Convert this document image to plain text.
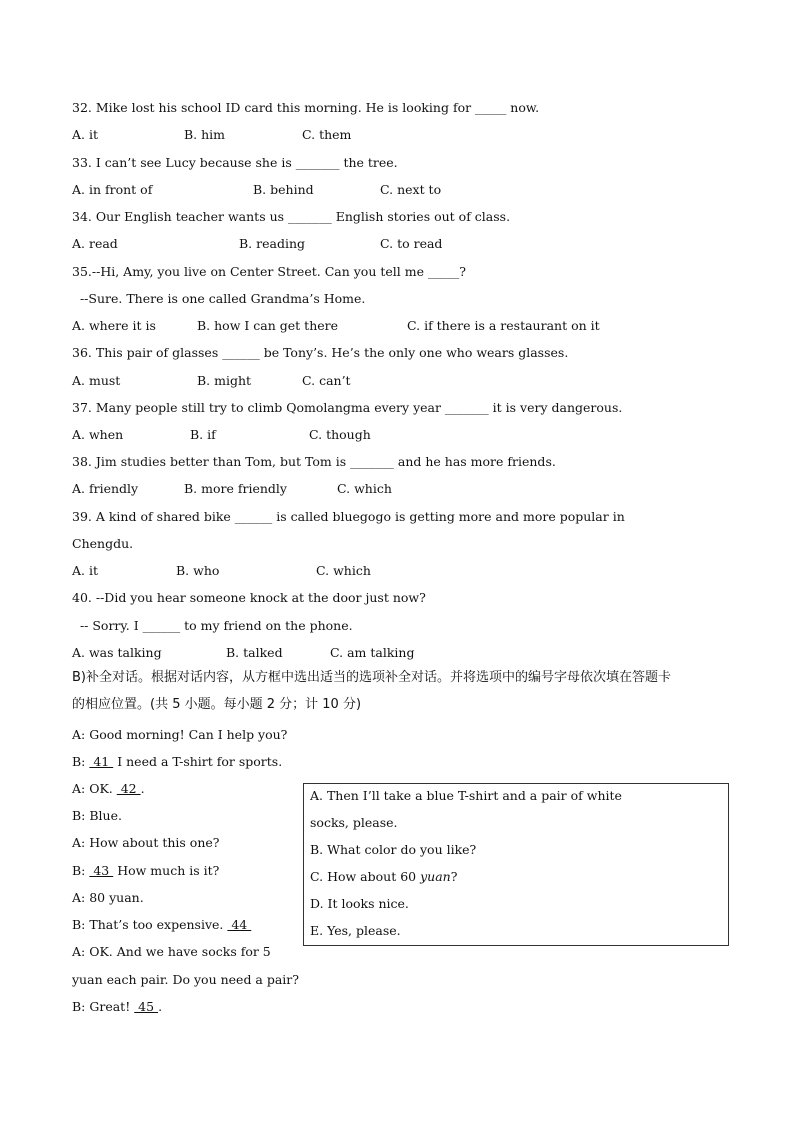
32. Mike lost his school ID card this morning. He is looking for _____ now.
A. it	B. him	C. them
33. I can’t see Lucy because she is _______ the tree.
A. in front of	B. behind	C. next to
34. Our English teacher wants us _______ English stories out of class.
A. read	B. reading	C. to read
35.--Hi, Amy, you live on Center Street. Can you tell me _____?
--Sure. There is one called Grandma’s Home.
A. where it is	B. how I can get there	C. if there is a restaurant on it
36. This pair of glasses ______ be Tony’s. He’s the only one who wears glasses.
A. must	B. might	C. can’t
37. Many people still try to climb Qomolangma every year _______ it is very dangerous.
A. when	B. if	C. though
38. Jim studies better than Tom, but Tom is _______ and he has more friends.
A. friendly	B. more friendly	C. which
39. A kind of shared bike ______ is called bluegogo is getting more and more popular in
Chengdu.
A. it	B. who	C. which
40. --Did you hear someone knock at the door just now?
-- Sorry. I ______ to my friend on the phone.
A. was talking	B. talked	C. am talking
B)补全对话。根据对话内容，从方框中选出适当的选项补全对话。并将选项中的编号字母依次填在答题卡
的相应位置。(共 5 小题。每小题 2 分；计 10 分)
A: Good morning! Can I help you?
B:  41  I need a T-shirt for sports.
A: OK.  42 .
B: Blue.
A: How about this one?
B:  43  How much is it?
A: 80 yuan.
B: That’s too expensive.  44
A: OK. And we have socks for 5
yuan each pair. Do you need a pair?
B: Great!  45 .
A. Then I’ll take a blue T-shirt and a pair of white
socks, please.
B. What color do you like?
C. How about 60 yuan?
D. It looks nice.
E. Yes, please.
